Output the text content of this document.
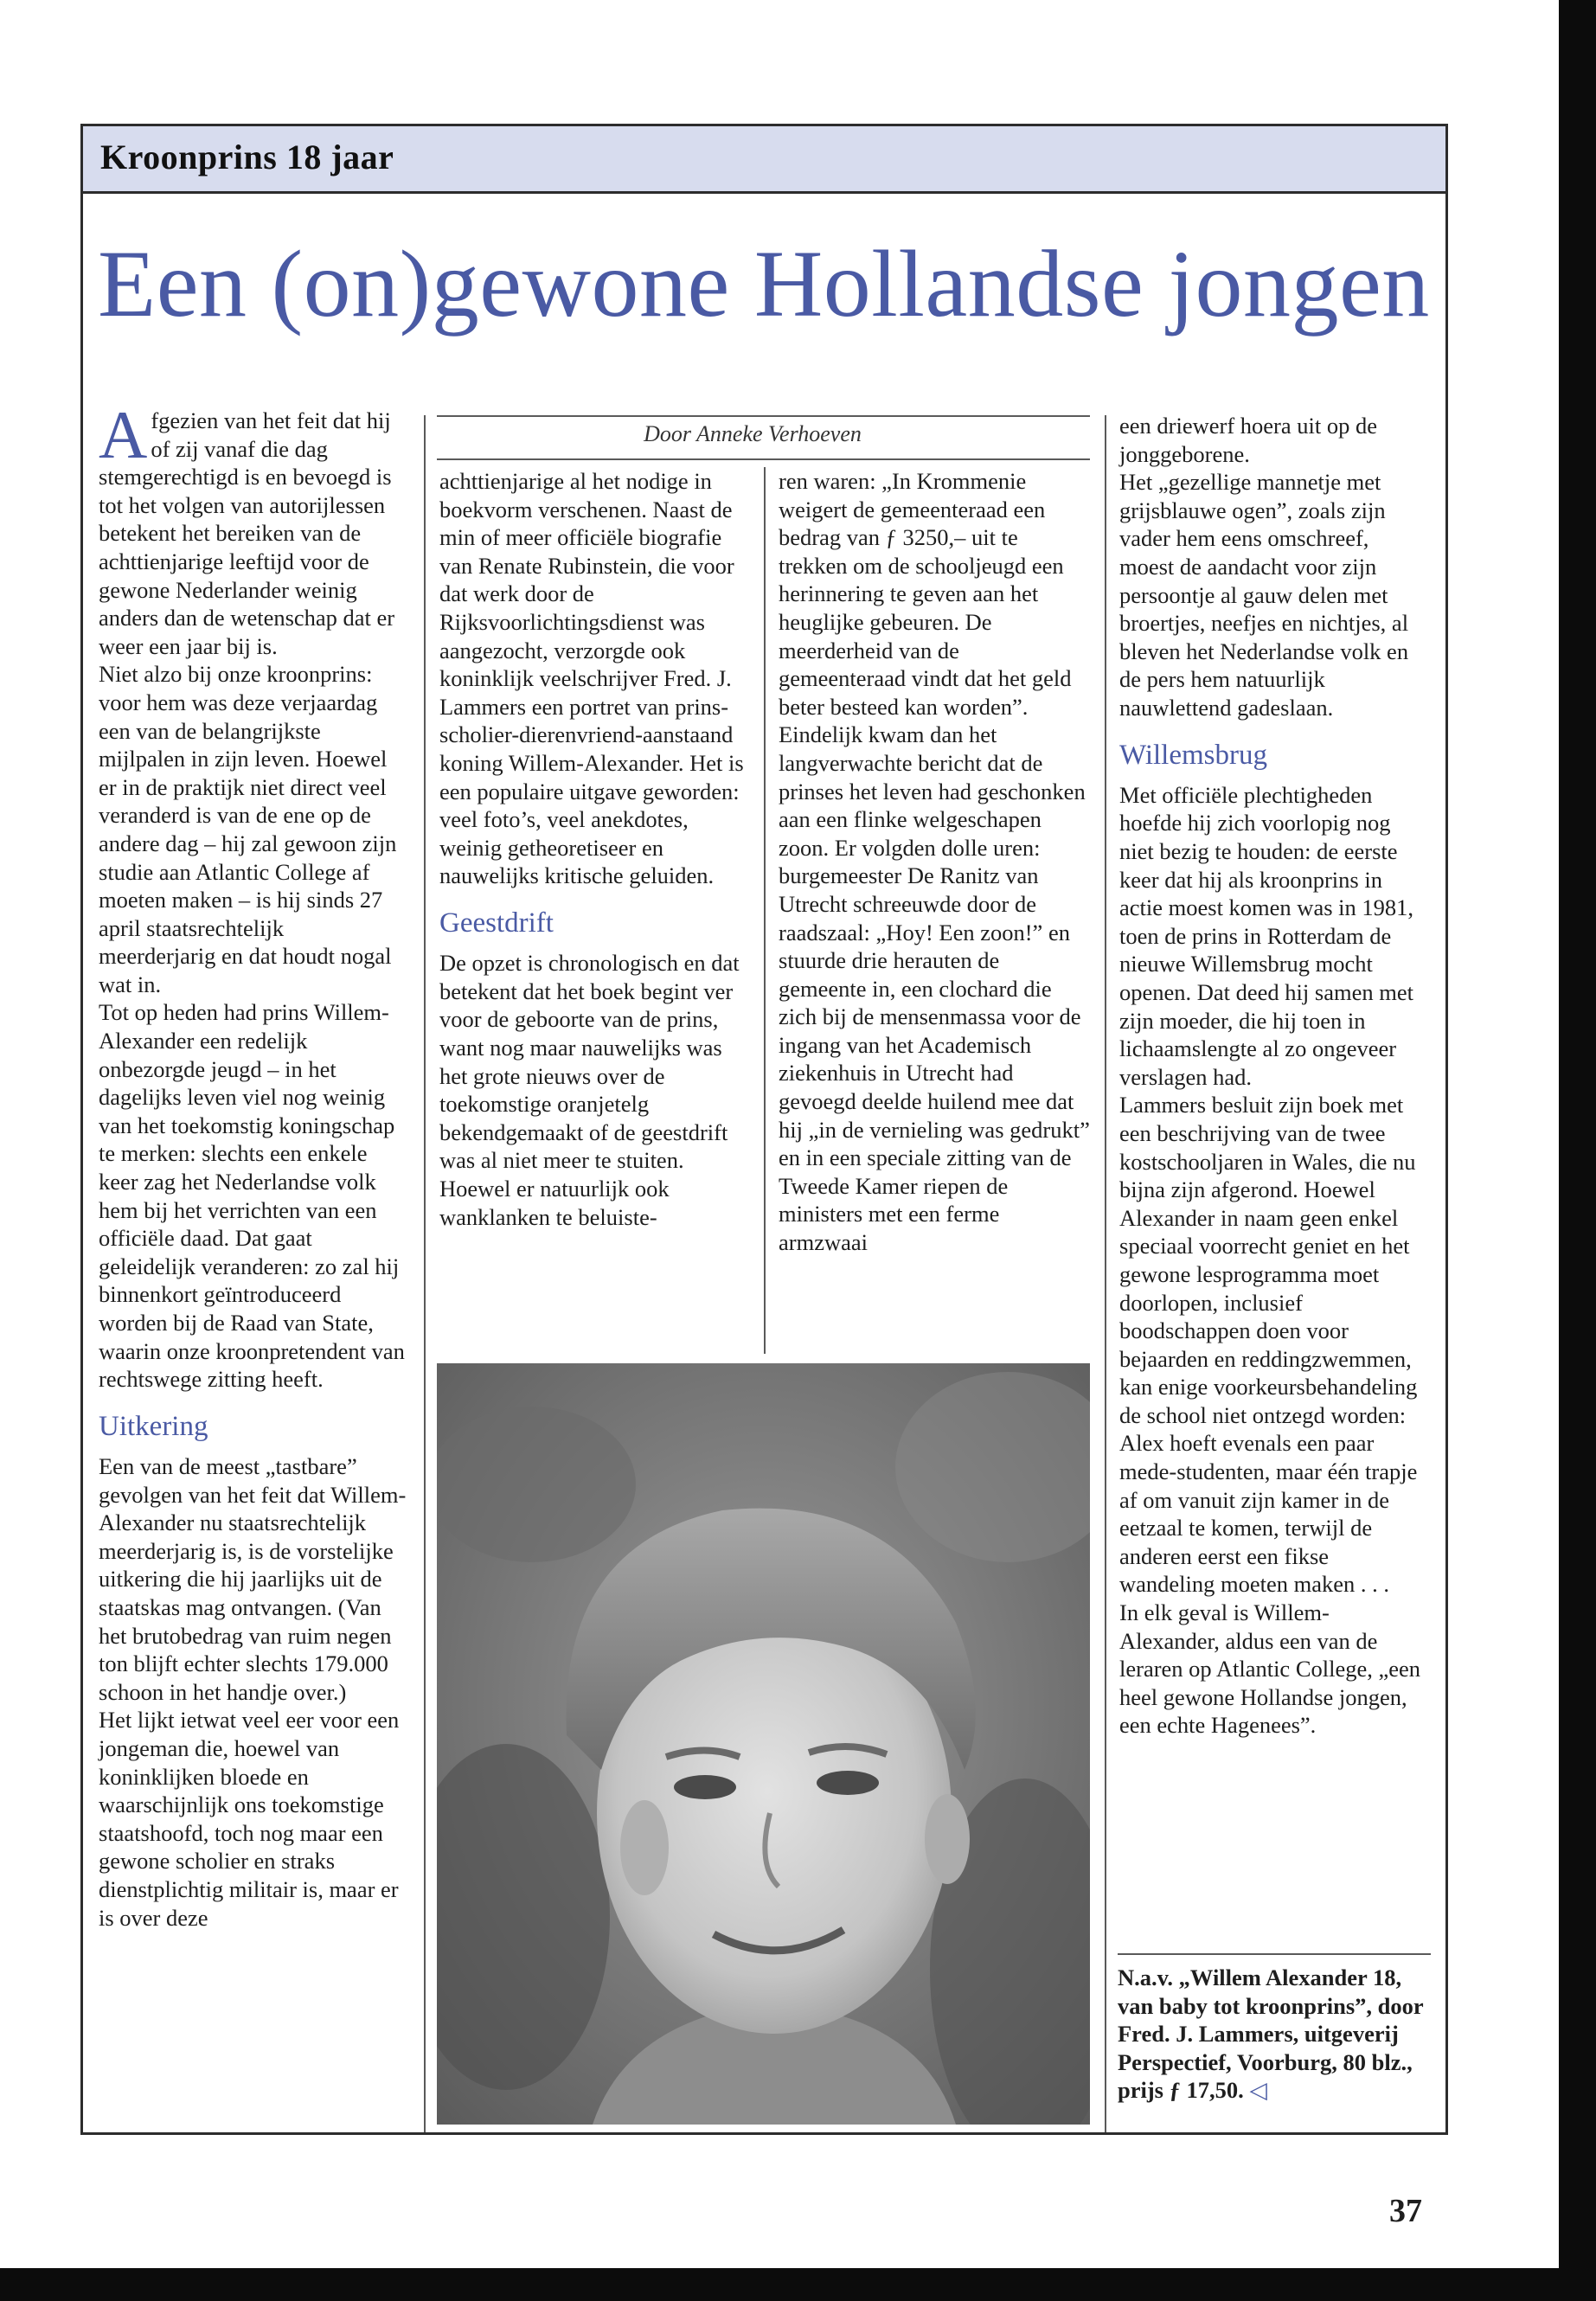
Kroonprins 18 jaar
Een (on)gewone Hollandse jongen
A fgezien van het feit dat hij of zij vanaf die dag stemgerechtigd is en bevoegd is tot het volgen van autorijlessen betekent het bereiken van de achttienjarige leeftijd voor de gewone Nederlander weinig anders dan de wetenschap dat er weer een jaar bij is.

Niet alzo bij onze kroonprins: voor hem was deze verjaardag een van de belangrijkste mijlpalen in zijn leven. Hoewel er in de praktijk niet direct veel veranderd is van de ene op de andere dag – hij zal gewoon zijn studie aan Atlantic College af moeten maken – is hij sinds 27 april staatsrechtelijk meerderjarig en dat houdt nogal wat in.

Tot op heden had prins Willem-Alexander een redelijk onbezorgde jeugd – in het dagelijks leven viel nog weinig van het toekomstig koningschap te merken: slechts een enkele keer zag het Nederlandse volk hem bij het verrichten van een officiële daad. Dat gaat geleidelijk veranderen: zo zal hij binnenkort geïntroduceerd worden bij de Raad van State, waarin onze kroonpretendent van rechtswege zitting heeft.

Uitkering

Een van de meest „tastbare” gevolgen van het feit dat Willem-Alexander nu staatsrechtelijk meerderjarig is, is de vorstelijke uitkering die hij jaarlijks uit de staatskas mag ontvangen. (Van het brutobedrag van ruim negen ton blijft echter slechts 179.000 schoon in het handje over.)

Het lijkt ietwat veel eer voor een jongeman die, hoewel van koninklijken bloede en waarschijnlijk ons toekomstige staatshoofd, toch nog maar een gewone scholier en straks dienstplichtig militair is, maar er is over deze

Door Anneke Verhoeven

achttienjarige al het nodige in boekvorm verschenen. Naast de min of meer officiële biografie van Renate Rubinstein, die voor dat werk door de Rijksvoorlichtingsdienst was aangezocht, verzorgde ook koninklijk veelschrijver Fred. J. Lammers een portret van prins-scholier-dierenvriend-aanstaand koning Willem-Alexander. Het is een populaire uitgave geworden: veel foto’s, veel anekdotes, weinig getheoretiseer en nauwelijks kritische geluiden.

Geestdrift

De opzet is chronologisch en dat betekent dat het boek begint ver voor de geboorte van de prins, want nog maar nauwelijks was het grote nieuws over de toekomstige oranjetelg bekendgemaakt of de geestdrift was al niet meer te stuiten. Hoewel er natuurlijk ook wanklanken te beluiste-

ren waren: „In Krommenie weigert de gemeenteraad een bedrag van ƒ 3250,– uit te trekken om de schooljeugd een herinnering te geven aan het heuglijke gebeuren. De meerderheid van de gemeenteraad vindt dat het geld beter besteed kan worden”.

Eindelijk kwam dan het langverwachte bericht dat de prinses het leven had geschonken aan een flinke welgeschapen zoon. Er volgden dolle uren: burgemeester De Ranitz van Utrecht schreeuwde door de raadszaal: „Hoy! Een zoon!” en stuurde drie herauten de gemeente in, een clochard die zich bij de mensenmassa voor de ingang van het Academisch ziekenhuis in Utrecht had gevoegd deelde huilend mee dat hij „in de vernieling was gedrukt” en in een speciale zitting van de Tweede Kamer riepen de ministers met een ferme armzwaai

een driewerf hoera uit op de jonggeborene.

Het „gezellige mannetje met grijsblauwe ogen”, zoals zijn vader hem eens omschreef, moest de aandacht voor zijn persoontje al gauw delen met broertjes, neefjes en nichtjes, al bleven het Nederlandse volk en de pers hem natuurlijk nauwlettend gadeslaan.

Willemsbrug

Met officiële plechtigheden hoefde hij zich voorlopig nog niet bezig te houden: de eerste keer dat hij als kroonprins in actie moest komen was in 1981, toen de prins in Rotterdam de nieuwe Willemsbrug mocht openen. Dat deed hij samen met zijn moeder, die hij toen in lichaamslengte al zo ongeveer verslagen had.

Lammers besluit zijn boek met een beschrijving van de twee kostschooljaren in Wales, die nu bijna zijn afgerond. Hoewel Alexander in naam geen enkel speciaal voorrecht geniet en het gewone lesprogramma moet doorlopen, inclusief boodschappen doen voor bejaarden en reddingzwemmen, kan enige voorkeursbehandeling de school niet ontzegd worden: Alex hoeft evenals een paar mede-studenten, maar één trapje af om vanuit zijn kamer in de eetzaal te komen, terwijl de anderen eerst een fikse wandeling moeten maken . . .

In elk geval is Willem-Alexander, aldus een van de leraren op Atlantic College, „een heel gewone Hollandse jongen, een echte Hagenees”.

N.a.v. „Willem Alexander 18, van baby tot kroonprins”, door Fred. J. Lammers, uitgeverij Perspectief, Voorburg, 80 blz., prijs ƒ 17,50. ◁
37
